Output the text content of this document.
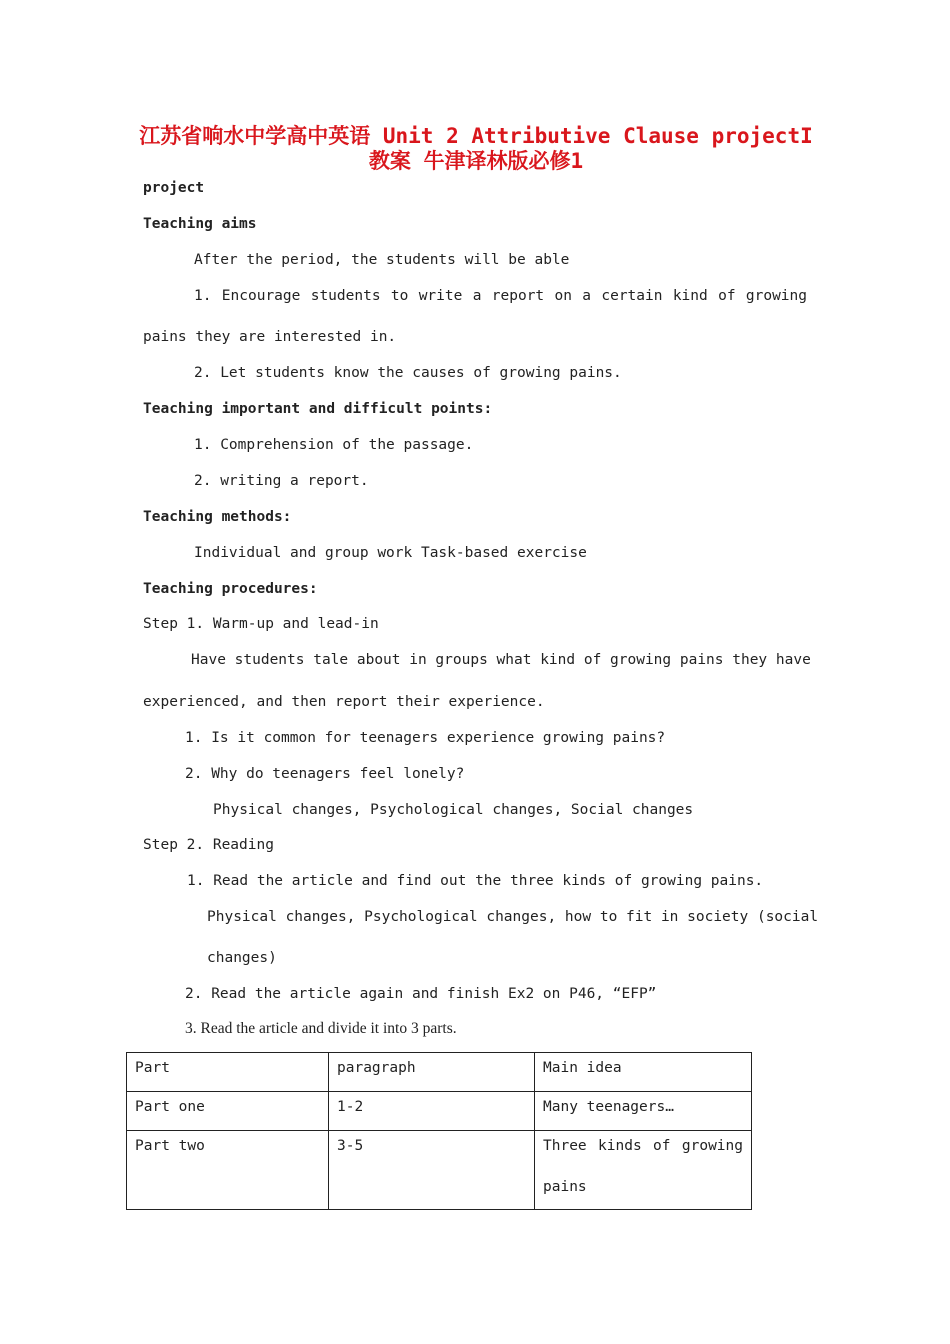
江苏省响水中学高中英语 Unit 2 Attributive Clause projectI
教案 牛津译林版必修1
project
Teaching aims
After the period, the students will be able
1. Encourage students to write a report on a certain kind of growing
pains they are interested in.
2. Let students know the causes of growing pains.
Teaching important and difficult points:
1. Comprehension of the passage.
2. writing a report.
Teaching methods:
Individual and group work Task-based exercise
Teaching procedures:
Step 1. Warm-up and lead-in
Have students tale about in groups what kind of growing pains they have
experienced, and then report their experience.
1. Is it common for teenagers experience growing pains?
2. Why do teenagers feel lonely?
Physical changes, Psychological changes, Social changes
Step 2. Reading
1. Read the article and find out the three kinds of growing pains.
Physical changes, Psychological changes, how to fit in society (social
changes)
2. Read the article again and finish Ex2 on P46, “EFP”
3. Read the article and divide it into 3 parts.
Part	paragraph	Main idea
Part one	1-2	Many teenagers…
Part two	3-5	Three kinds of growing
pains
